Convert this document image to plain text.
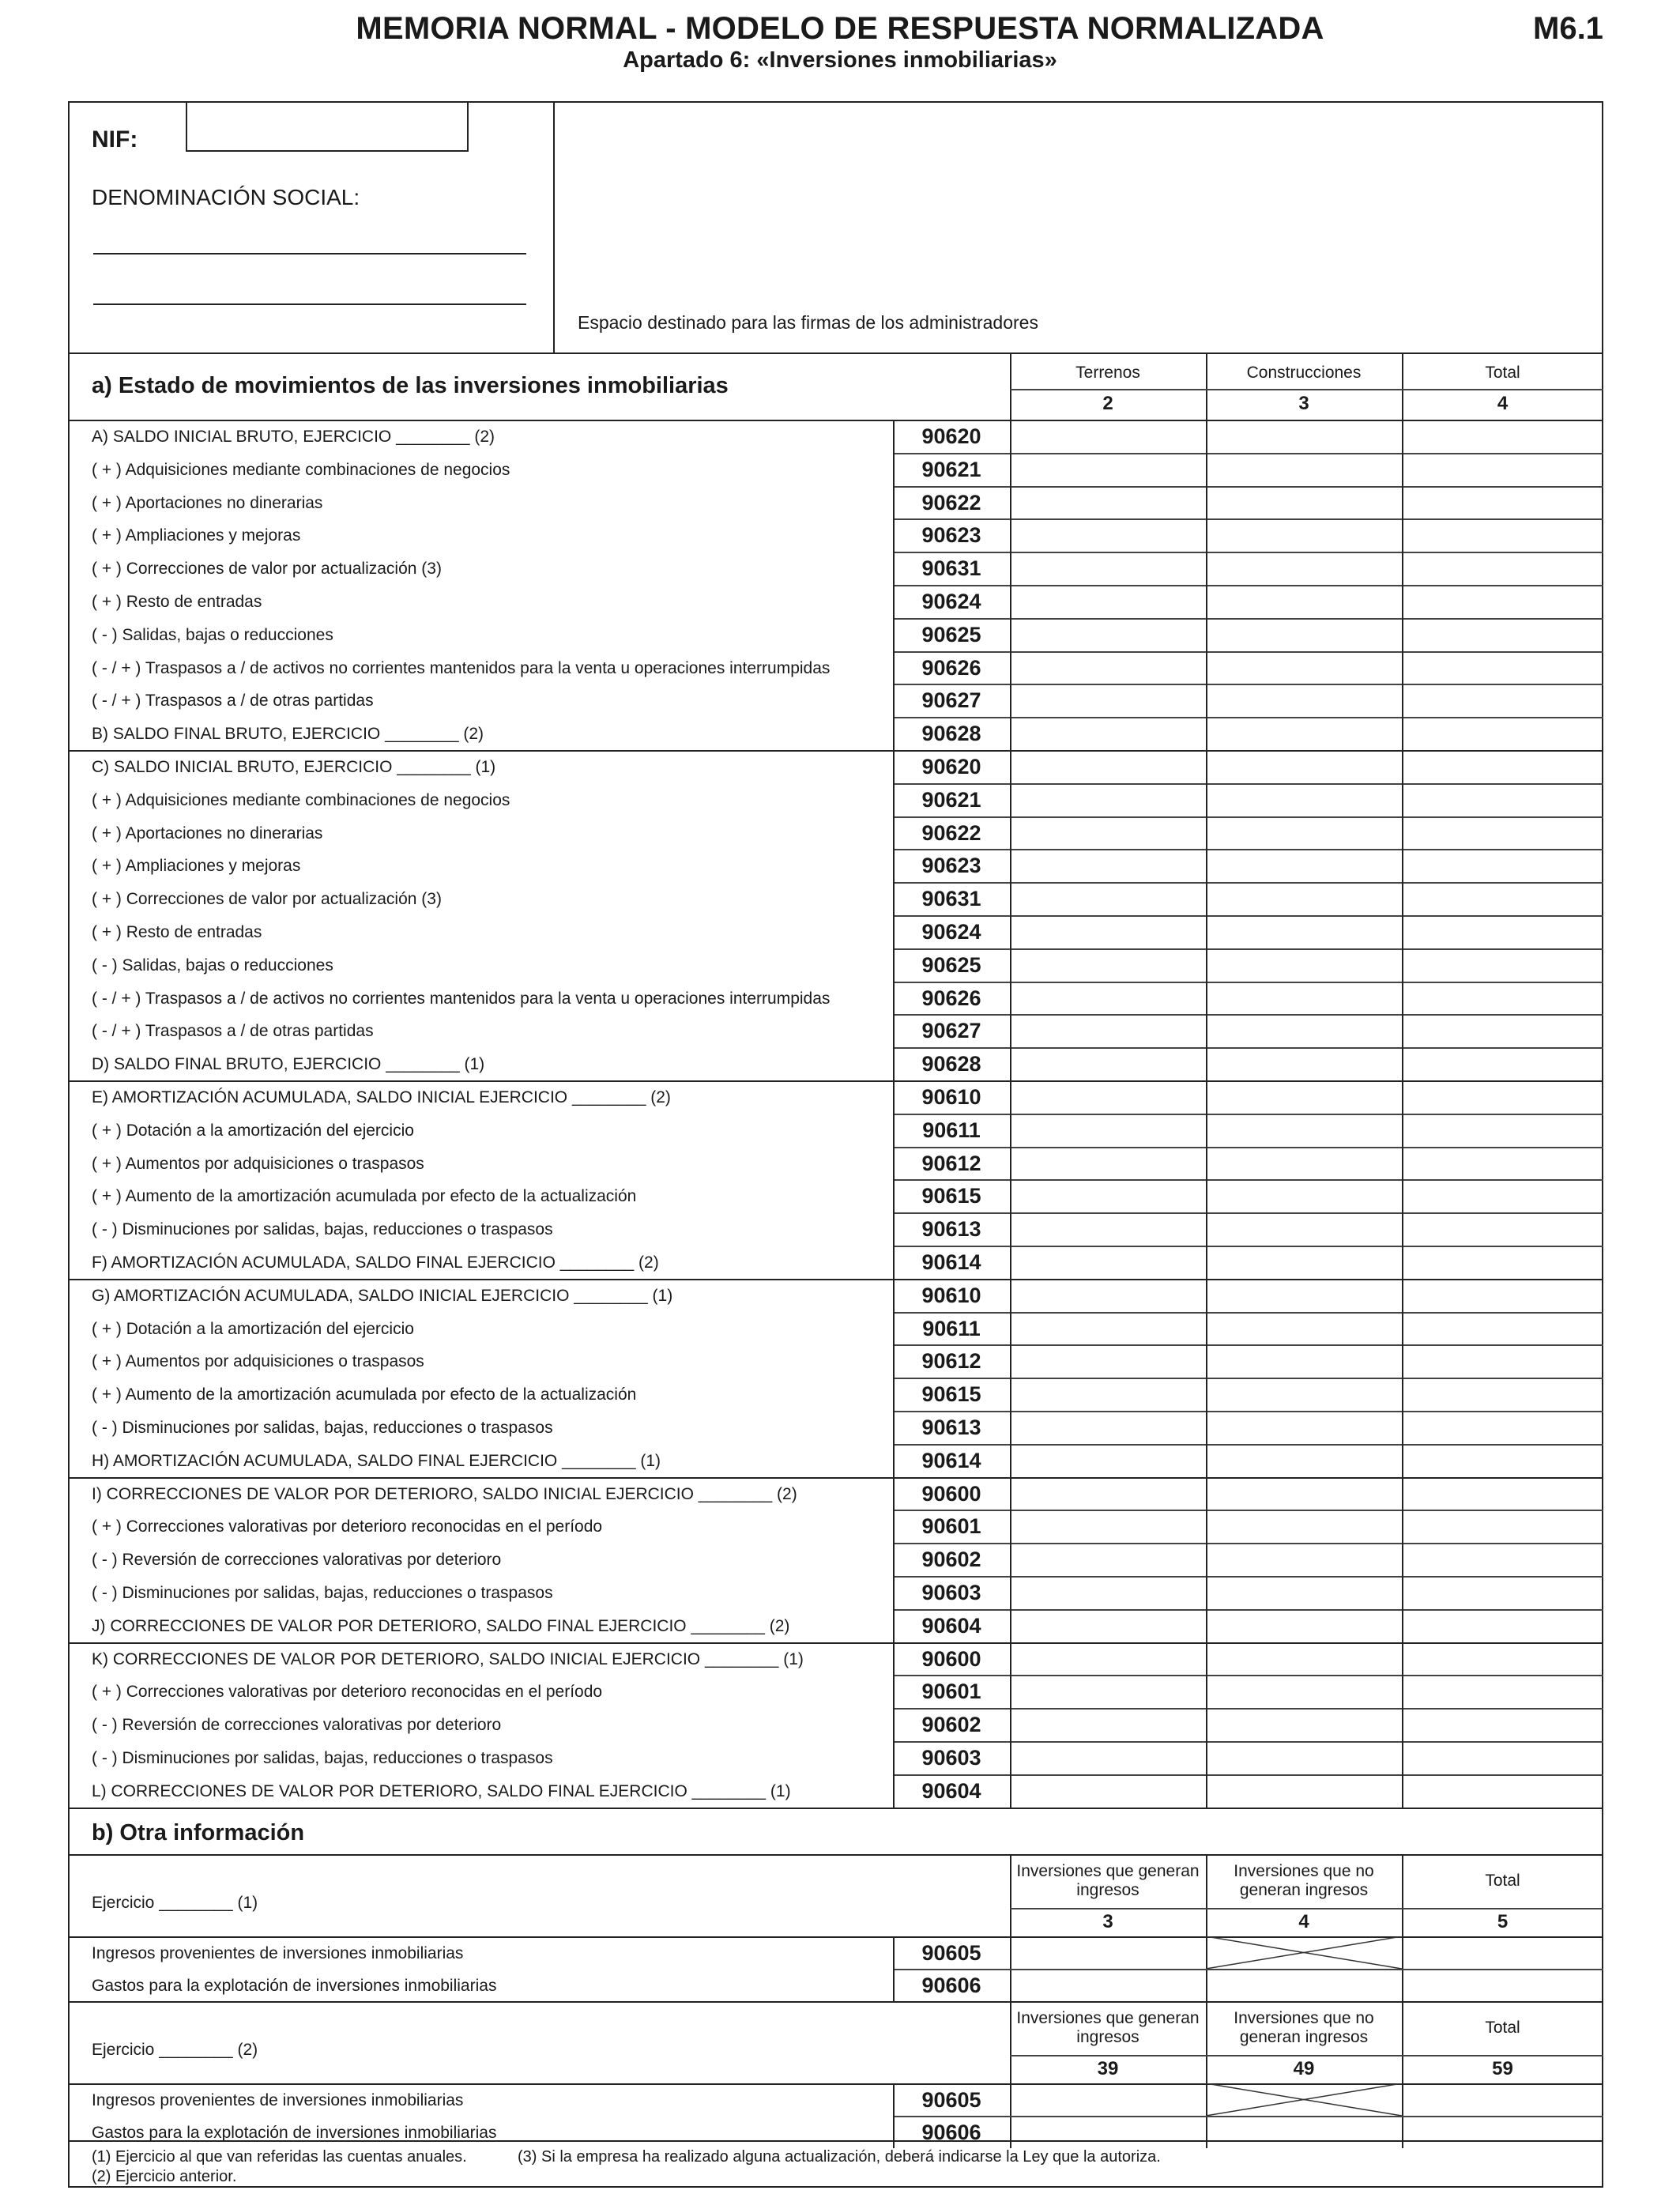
MEMORIA NORMAL - MODELO DE RESPUESTA NORMALIZADA
Apartado 6: «Inversiones inmobiliarias»
M6.1
NIF:
DENOMINACIÓN SOCIAL:
Espacio destinado para las firmas de los administradores
a) Estado de movimientos de las inversiones inmobiliarias
Terrenos
2
Construcciones
3
Total
4
A) SALDO INICIAL BRUTO, EJERCICIO ________ (2)	90620
( + ) Adquisiciones mediante combinaciones de negocios	90621
( + ) Aportaciones no dinerarias	90622
( + ) Ampliaciones y mejoras	90623
( + ) Correcciones de valor por actualización (3)	90631
( + ) Resto de entradas	90624
( - ) Salidas, bajas o reducciones	90625
( - / + ) Traspasos a / de activos no corrientes mantenidos para la venta u operaciones interrumpidas	90626
( - / + ) Traspasos a / de otras partidas	90627
B) SALDO FINAL BRUTO, EJERCICIO ________ (2)	90628
C) SALDO INICIAL BRUTO, EJERCICIO ________ (1)	90620
( + ) Adquisiciones mediante combinaciones de negocios	90621
( + ) Aportaciones no dinerarias	90622
( + ) Ampliaciones y mejoras	90623
( + ) Correcciones de valor por actualización (3)	90631
( + ) Resto de entradas	90624
( - ) Salidas, bajas o reducciones	90625
( - / + ) Traspasos a / de activos no corrientes mantenidos para la venta u operaciones interrumpidas	90626
( - / + ) Traspasos a / de otras partidas	90627
D) SALDO FINAL BRUTO, EJERCICIO ________ (1)	90628
E) AMORTIZACIÓN ACUMULADA, SALDO INICIAL EJERCICIO ________ (2)	90610
( + ) Dotación a la amortización del ejercicio	90611
( + ) Aumentos por adquisiciones o traspasos	90612
( + ) Aumento de la amortización acumulada por efecto de la actualización	90615
( - ) Disminuciones por salidas, bajas, reducciones o traspasos	90613
F) AMORTIZACIÓN ACUMULADA, SALDO FINAL EJERCICIO ________ (2)	90614
G) AMORTIZACIÓN ACUMULADA, SALDO INICIAL EJERCICIO ________ (1)	90610
( + ) Dotación a la amortización del ejercicio	90611
( + ) Aumentos por adquisiciones o traspasos	90612
( + ) Aumento de la amortización acumulada por efecto de la actualización	90615
( - ) Disminuciones por salidas, bajas, reducciones o traspasos	90613
H) AMORTIZACIÓN ACUMULADA, SALDO FINAL EJERCICIO ________ (1)	90614
I) CORRECCIONES DE VALOR POR DETERIORO, SALDO INICIAL EJERCICIO ________ (2)	90600
( + ) Correcciones valorativas por deterioro reconocidas en el período	90601
( - ) Reversión de correcciones valorativas por deterioro	90602
( - ) Disminuciones por salidas, bajas, reducciones o traspasos	90603
J) CORRECCIONES DE VALOR POR DETERIORO, SALDO FINAL EJERCICIO ________ (2)	90604
K) CORRECCIONES DE VALOR POR DETERIORO, SALDO INICIAL EJERCICIO ________ (1)	90600
( + ) Correcciones valorativas por deterioro reconocidas en el período	90601
( - ) Reversión de correcciones valorativas por deterioro	90602
( - ) Disminuciones por salidas, bajas, reducciones o traspasos	90603
L) CORRECCIONES DE VALOR POR DETERIORO, SALDO FINAL EJERCICIO ________ (1)	90604
b) Otra información
Ejercicio ________ (1)
Inversiones que generan ingresos
3
Inversiones que no generan ingresos
4
Total
5
Ingresos provenientes de inversiones inmobiliarias	90605
Gastos para la explotación de inversiones inmobiliarias	90606
Ejercicio ________ (2)
Inversiones que generan ingresos
39
Inversiones que no generan ingresos
49
Total
59
Ingresos provenientes de inversiones inmobiliarias	90605
Gastos para la explotación de inversiones inmobiliarias	90606
(1) Ejercicio al que van referidas las cuentas anuales.	(3) Si la empresa ha realizado alguna actualización, deberá indicarse la Ley que la autoriza.
(2) Ejercicio anterior.
